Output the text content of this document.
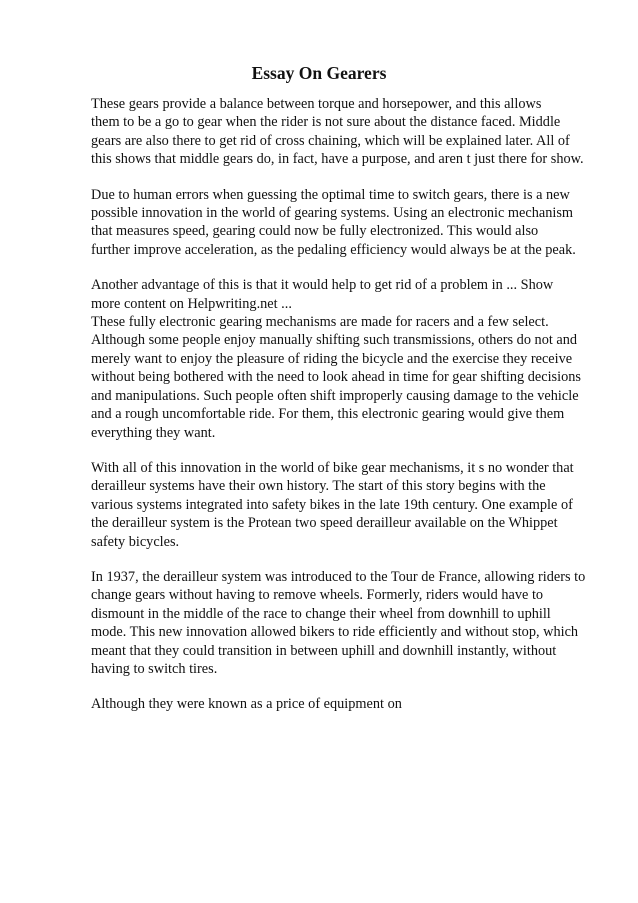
Essay On Gearers

These gears provide a balance between torque and horsepower, and this allows
them to be a go to gear when the rider is not sure about the distance faced. Middle
gears are also there to get rid of cross chaining, which will be explained later. All of
this shows that middle gears do, in fact, have a purpose, and aren t just there for show.

Due to human errors when guessing the optimal time to switch gears, there is a new
possible innovation in the world of gearing systems. Using an electronic mechanism
that measures speed, gearing could now be fully electronized. This would also
further improve acceleration, as the pedaling efficiency would always be at the peak.

Another advantage of this is that it would help to get rid of a problem in ... Show
more content on Helpwriting.net ...
These fully electronic gearing mechanisms are made for racers and a few select.
Although some people enjoy manually shifting such transmissions, others do not and
merely want to enjoy the pleasure of riding the bicycle and the exercise they receive
without being bothered with the need to look ahead in time for gear shifting decisions
and manipulations. Such people often shift improperly causing damage to the vehicle
and a rough uncomfortable ride. For them, this electronic gearing would give them
everything they want.

With all of this innovation in the world of bike gear mechanisms, it s no wonder that
derailleur systems have their own history. The start of this story begins with the
various systems integrated into safety bikes in the late 19th century. One example of
the derailleur system is the Protean two speed derailleur available on the Whippet
safety bicycles.

In 1937, the derailleur system was introduced to the Tour de France, allowing riders to
change gears without having to remove wheels. Formerly, riders would have to
dismount in the middle of the race to change their wheel from downhill to uphill
mode. This new innovation allowed bikers to ride efficiently and without stop, which
meant that they could transition in between uphill and downhill instantly, without
having to switch tires.

Although they were known as a price of equipment on
